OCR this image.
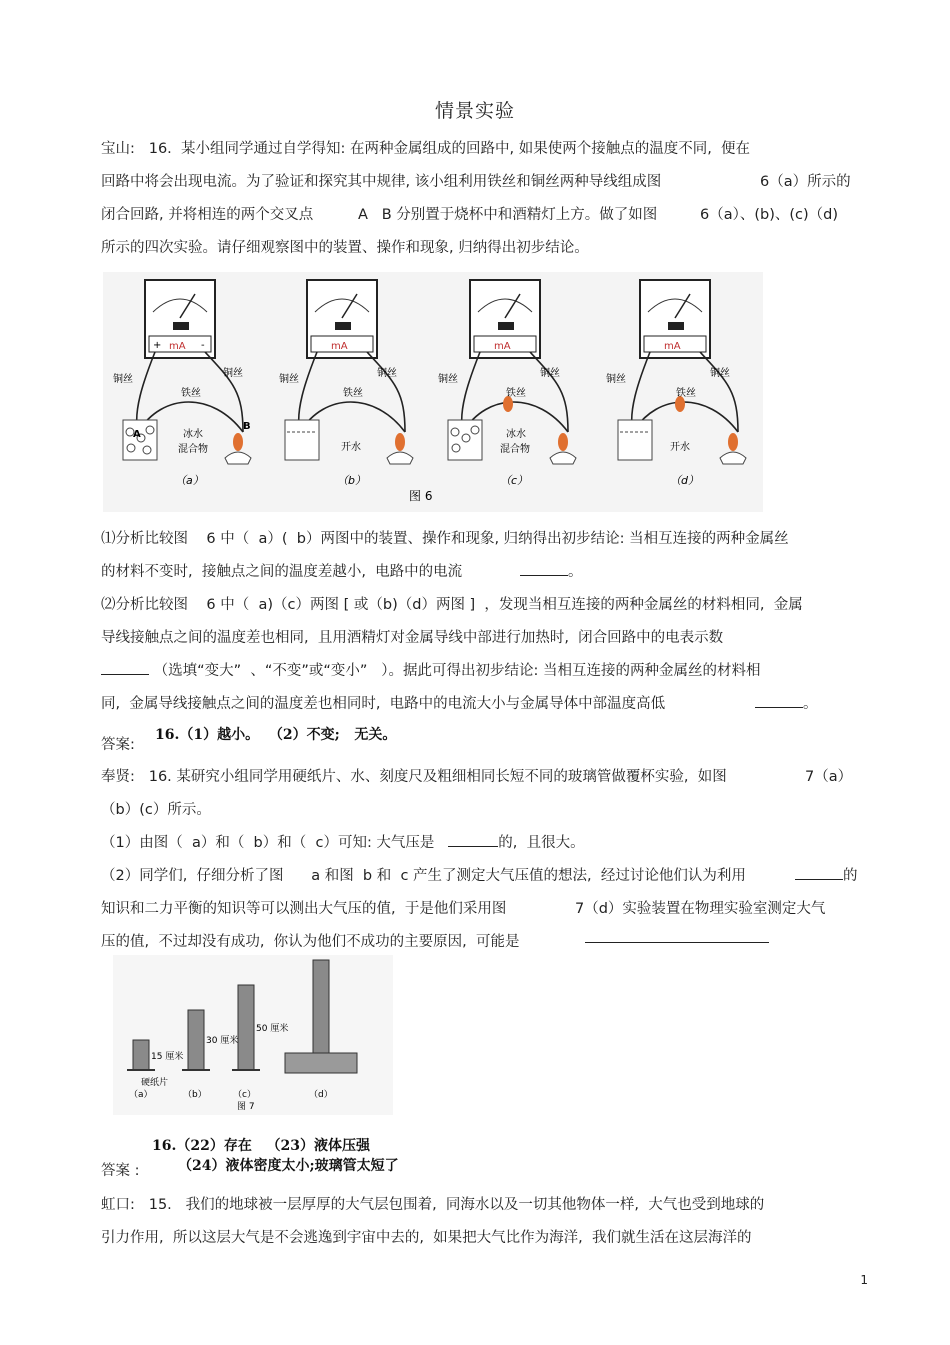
情景实验
宝山:   16.  某小组同学通过自学得知: 在两种金属组成的回路中, 如果使两个接触点的温度不同,  便在
回路中将会出现电流。为了验证和探究其中规律, 该小组利用铁丝和铜丝两种导线组成图	6（a）所示的
闭合回路, 并将相连的两个交叉点	A   B 分别置于烧杯中和酒精灯上方。做了如图	6（a）、(b)、(c)（d)
所示的四次实验。请仔细观察图中的装置、操作和现象, 归纳得出初步结论。
+ mA -
铜丝
铁丝
铜丝
A
B
冰水
混合物
（a）
mA
铜丝
铁丝
铜丝
开水
（b）
mA
铜丝
铁丝
铜丝
冰水
混合物
（c）
mA
铜丝
铁丝
铜丝
开水
（d）
图 6
⑴分析比较图    6 中（  a）(  b）两图中的装置、操作和现象, 归纳得出初步结论: 当相互连接的两种金属丝
的材料不变时,  接触点之间的温度差越小,  电路中的电流	。
⑵分析比较图    6 中（  a)（c）两图 [ 或（b)（d）两图 ]  ，发现当相互连接的两种金属丝的材料相同,  金属
导线接触点之间的温度差也相同,  且用酒精灯对金属导线中部进行加热时,  闭合回路中的电表示数
（选填“变大”  、“不变”或“变小”   ）。据此可得出初步结论: 当相互连接的两种金属丝的材料相
同,  金属导线接触点之间的温度差也相同时,  电路中的电流大小与金属导体中部温度高低	。
答案:
16.（1）越小。  （2）不变;   无关。
奉贤:   16. 某研究小组同学用硬纸片、水、刻度尺及粗细相同长短不同的玻璃管做覆杯实验,  如图	7（a）
（b）(c）所示。
（1）由图（  a）和（  b）和（  c）可知: 大气压是	的,  且很大。
（2）同学们,  仔细分析了图      a 和图  b 和  c 产生了测定大气压值的想法,  经过讨论他们认为利用	的
知识和二力平衡的知识等可以测出大气压的值,  于是他们采用图	7（d）实验装置在物理实验室测定大气
压的值,  不过却没有成功,  你认为他们不成功的主要原因,  可能是
15 厘米
30 厘米
50 厘米
硬纸片
（a）	（b）	（c）	（d）
图 7
答案 :
16.（22）存在   （23）液体压强
（24）液体密度太小;玻璃管太短了
虹口:   15.   我们的地球被一层厚厚的大气层包围着,  同海水以及一切其他物体一样,  大气也受到地球的
引力作用,  所以这层大气是不会逃逸到宇宙中去的,  如果把大气比作为海洋,  我们就生活在这层海洋的
1
